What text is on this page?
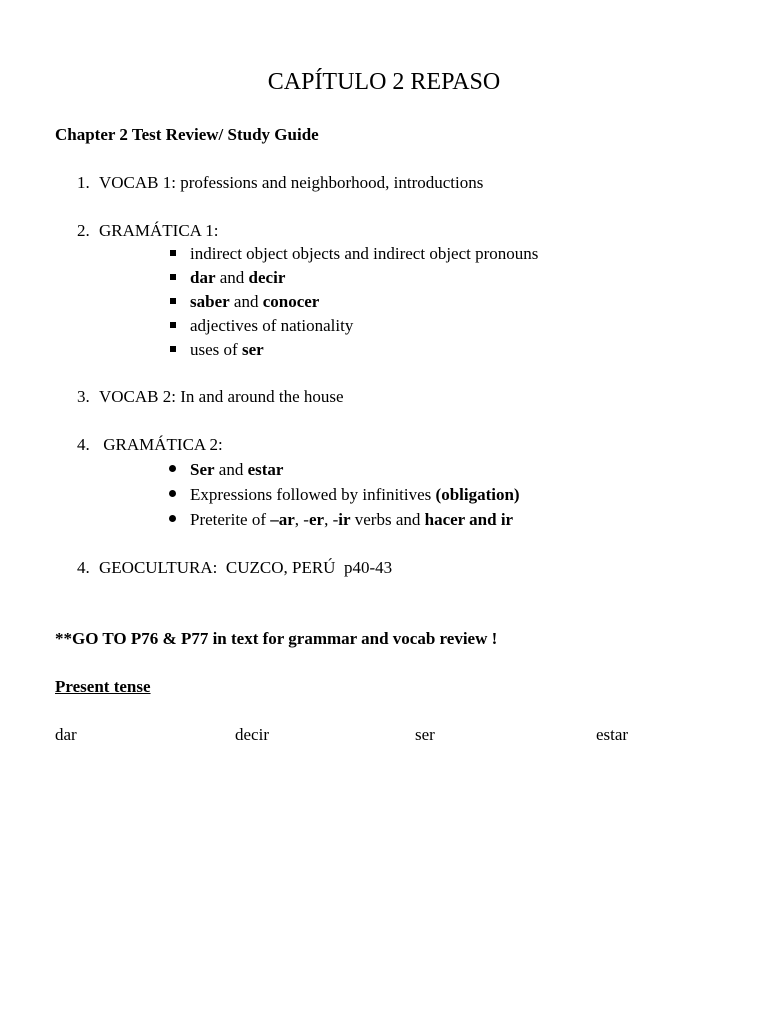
CAPÍTULO 2 REPASO
Chapter 2 Test Review/ Study Guide
1. VOCAB 1: professions and neighborhood, introductions
2. GRAMÁTICA 1:
indirect object objects and indirect object pronouns
dar and decir
saber and conocer
adjectives of nationality
uses of ser
3. VOCAB 2: In and around the house
4. GRAMÁTICA 2:
Ser and estar
Expressions followed by infinitives (obligation)
Preterite of –ar, -er, -ir verbs and hacer and ir
4. GEOCULTURA:  CUZCO, PERÚ  p40-43
**GO TO P76 & P77 in text for grammar and vocab review !
Present tense
dar	decir	ser	estar
